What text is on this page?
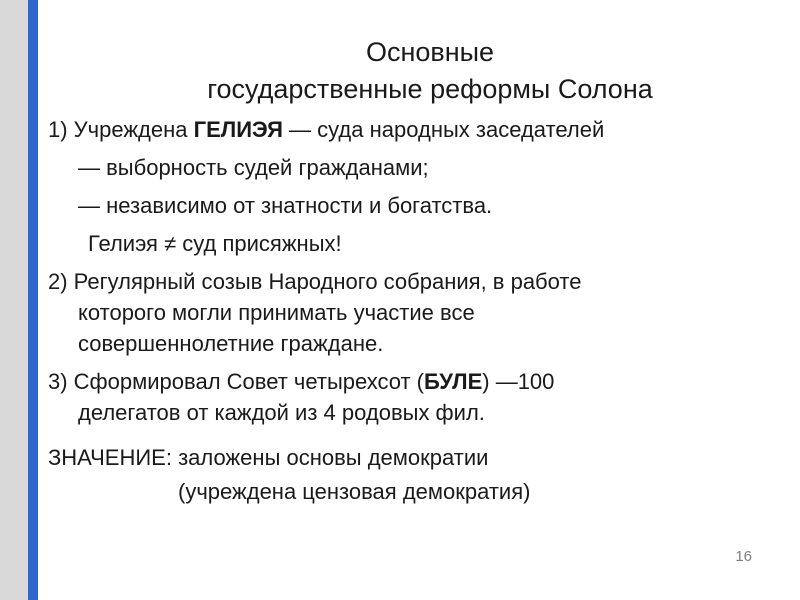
Основные
государственные реформы Солона
1) Учреждена ГЕЛИЭЯ — суда народных заседателей
— выборность судей гражданами;
— независимо от знатности и богатства.
Гелиэя ≠ суд присяжных!
2) Регулярный созыв Народного собрания, в работе
которого могли принимать участие все
совершеннолетние граждане.
3) Сформировал Совет четырехсот (БУЛЕ) —100
делегатов от каждой из 4 родовых фил.
ЗНАЧЕНИЕ: заложены основы демократии
(учреждена цензовая демократия)
16
